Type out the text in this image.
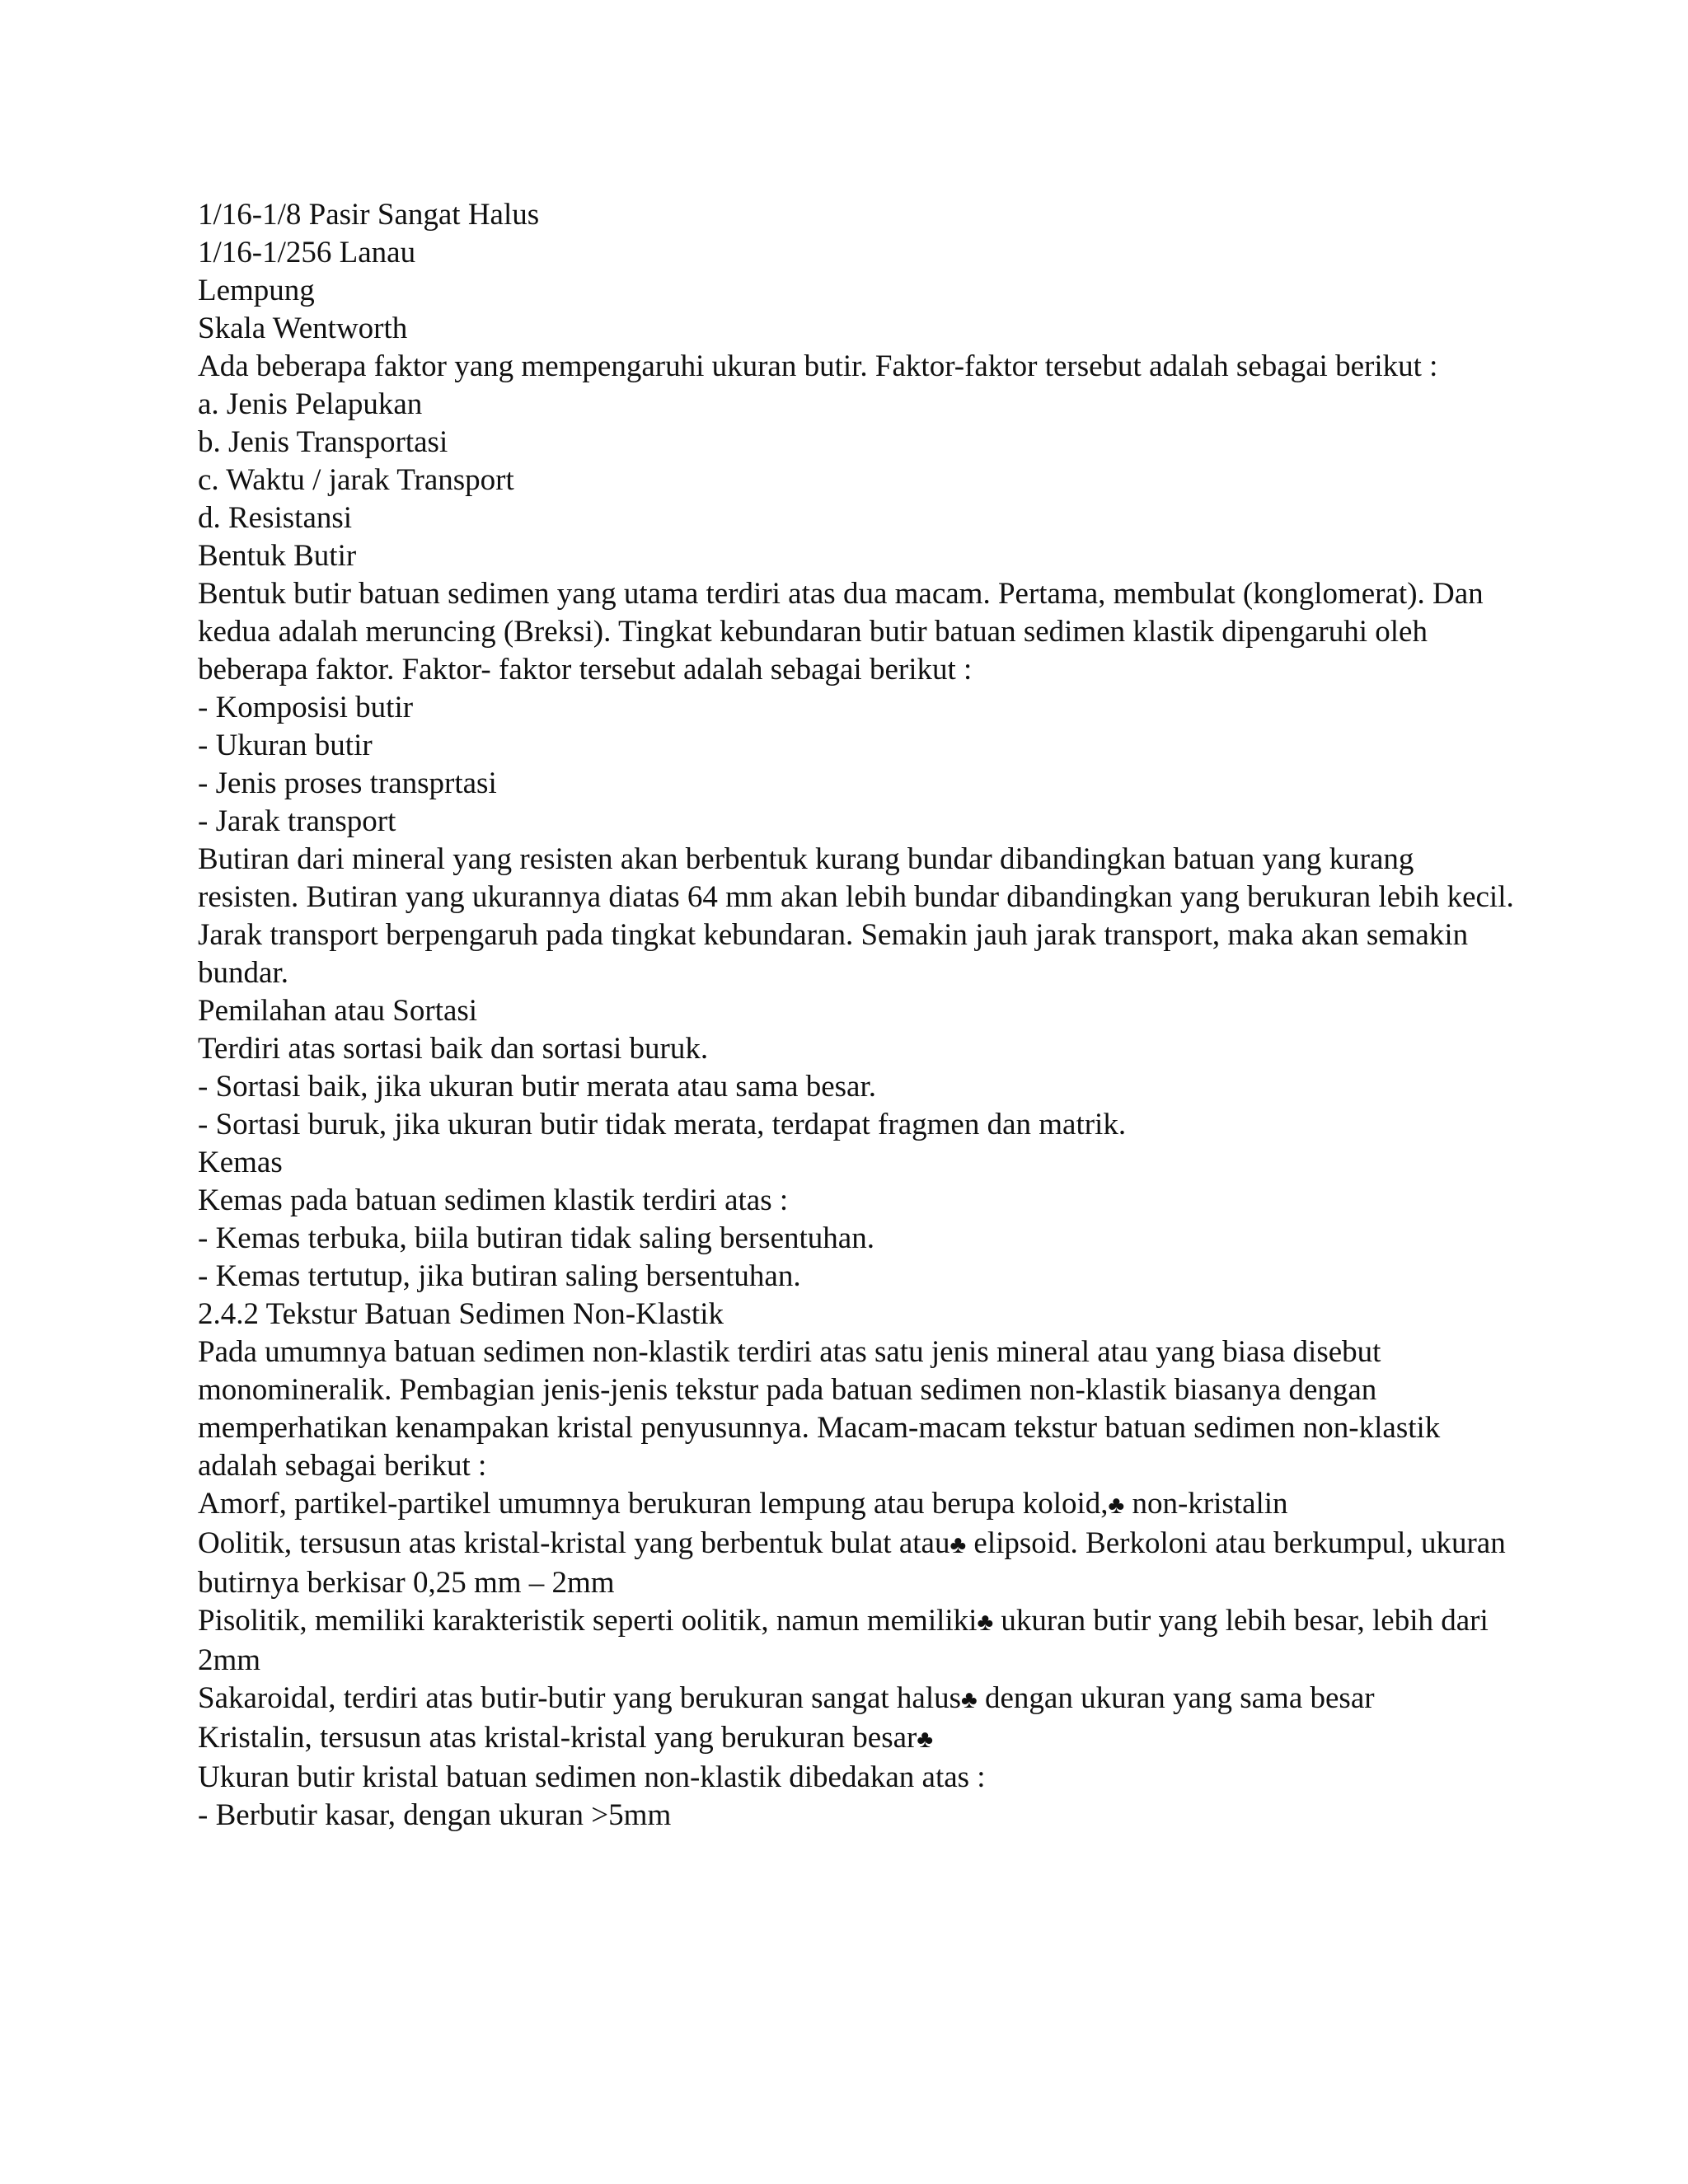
1/16-1/8 Pasir Sangat Halus
1/16-1/256 Lanau
Lempung
Skala Wentworth
Ada beberapa faktor yang mempengaruhi ukuran butir. Faktor-faktor tersebut adalah sebagai berikut :
a. Jenis Pelapukan
b. Jenis Transportasi
c. Waktu / jarak Transport
d. Resistansi
Bentuk Butir
Bentuk butir batuan sedimen yang utama terdiri atas dua macam. Pertama, membulat (konglomerat). Dan kedua adalah meruncing (Breksi). Tingkat kebundaran butir batuan sedimen klastik dipengaruhi oleh beberapa faktor. Faktor- faktor tersebut adalah sebagai berikut :
- Komposisi butir
- Ukuran butir
- Jenis proses transprtasi
- Jarak transport
Butiran dari mineral yang resisten akan berbentuk kurang bundar dibandingkan batuan yang kurang resisten. Butiran yang ukurannya diatas 64 mm akan lebih bundar dibandingkan yang berukuran lebih kecil. Jarak transport berpengaruh pada tingkat kebundaran. Semakin jauh jarak transport, maka akan semakin bundar.
Pemilahan atau Sortasi
Terdiri atas sortasi baik dan sortasi buruk.
- Sortasi baik, jika ukuran butir merata atau sama besar.
- Sortasi buruk, jika ukuran butir tidak merata, terdapat fragmen dan matrik.
Kemas
Kemas pada batuan sedimen klastik terdiri atas :
- Kemas terbuka, biila butiran tidak saling bersentuhan.
- Kemas tertutup, jika butiran saling bersentuhan.
2.4.2 Tekstur Batuan Sedimen Non-Klastik
Pada umumnya batuan sedimen non-klastik terdiri atas satu jenis mineral atau yang biasa disebut monomineralik. Pembagian jenis-jenis tekstur pada batuan sedimen non-klastik biasanya dengan memperhatikan kenampakan kristal penyusunnya. Macam-macam tekstur batuan sedimen non-klastik adalah sebagai berikut :
Amorf, partikel-partikel umumnya berukuran lempung atau berupa koloid,♣ non-kristalin
Oolitik, tersusun atas kristal-kristal yang berbentuk bulat atau♣ elipsoid. Berkoloni atau berkumpul, ukuran butirnya berkisar 0,25 mm – 2mm
Pisolitik, memiliki karakteristik seperti oolitik, namun memiliki♣ ukuran butir yang lebih besar, lebih dari 2mm
Sakaroidal, terdiri atas butir-butir yang berukuran sangat halus♣ dengan ukuran yang sama besar
Kristalin, tersusun atas kristal-kristal yang berukuran besar♣
Ukuran butir kristal batuan sedimen non-klastik dibedakan atas :
- Berbutir kasar, dengan ukuran >5mm
